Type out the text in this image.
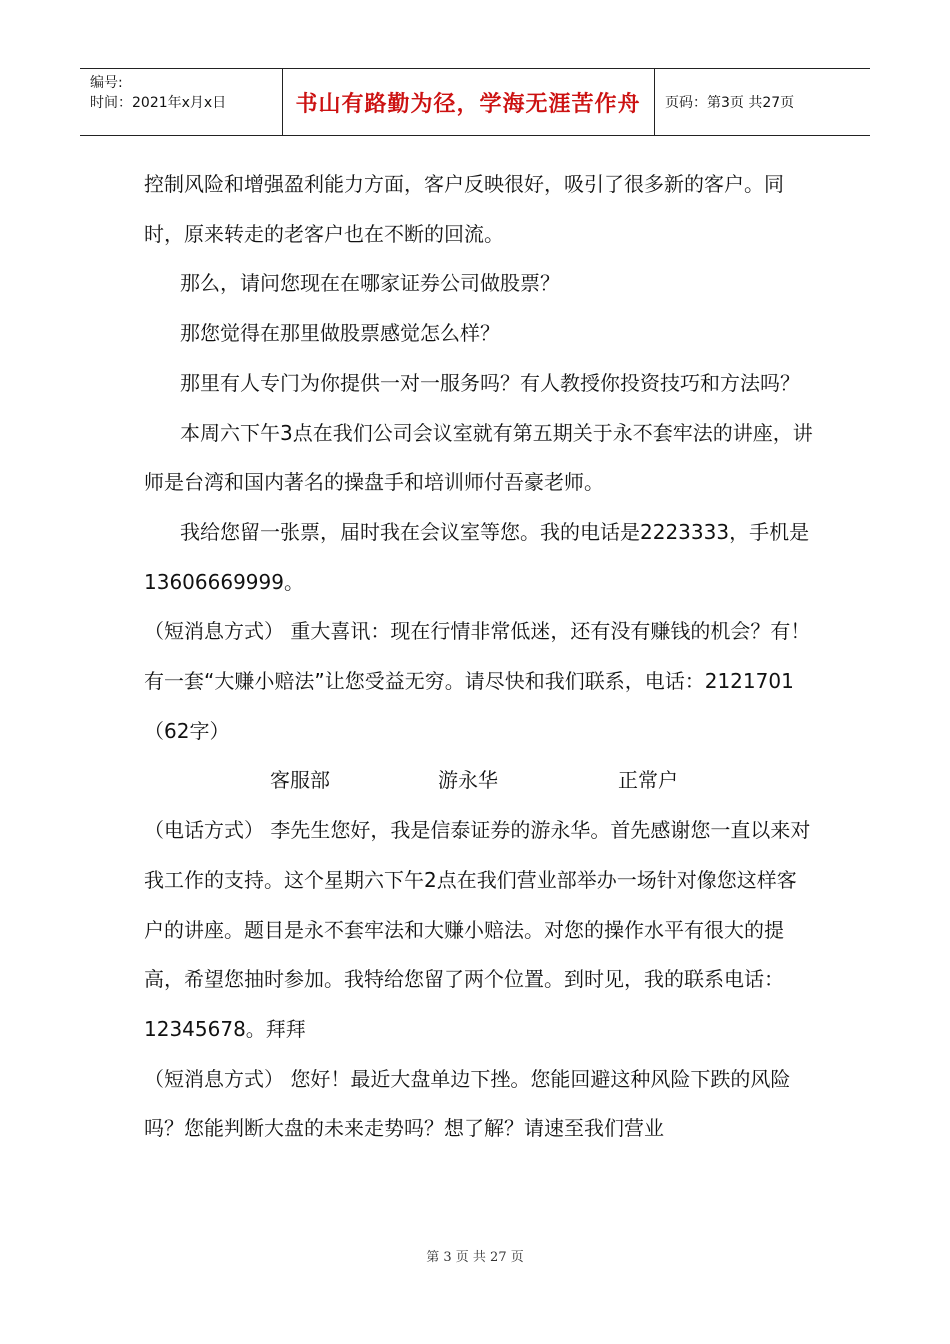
编号:
时间：2021年x月x日	书山有路勤为径，学海无涯苦作舟	页码：第3页 共27页

控制风险和增强盈利能力方面，客户反映很好，吸引了很多新的客户。同时，原来转走的老客户也在不断的回流。

那么，请问您现在在哪家证券公司做股票？

那您觉得在那里做股票感觉怎么样？

那里有人专门为你提供一对一服务吗？有人教授你投资技巧和方法吗？

本周六下午3点在我们公司会议室就有第五期关于永不套牢法的讲座，讲师是台湾和国内著名的操盘手和培训师付吾豪老师。

我给您留一张票，届时我在会议室等您。我的电话是2223333，手机是13606669999。

（短消息方式） 重大喜讯：现在行情非常低迷，还有没有赚钱的机会？有！有一套“大赚小赔法”让您受益无穷。请尽快和我们联系，电话：2121701　　　　（62字）

客服部	游永华	正常户

（电话方式） 李先生您好，我是信泰证券的游永华。首先感谢您一直以来对我工作的支持。这个星期六下午2点在我们营业部举办一场针对像您这样客户的讲座。题目是永不套牢法和大赚小赔法。对您的操作水平有很大的提高，希望您抽时参加。我特给您留了两个位置。到时见，我的联系电话：12345678。拜拜

（短消息方式） 您好！最近大盘单边下挫。您能回避这种风险下跌的风险吗？您能判断大盘的未来走势吗？想了解？请速至我们营业

第 3 页 共 27 页
